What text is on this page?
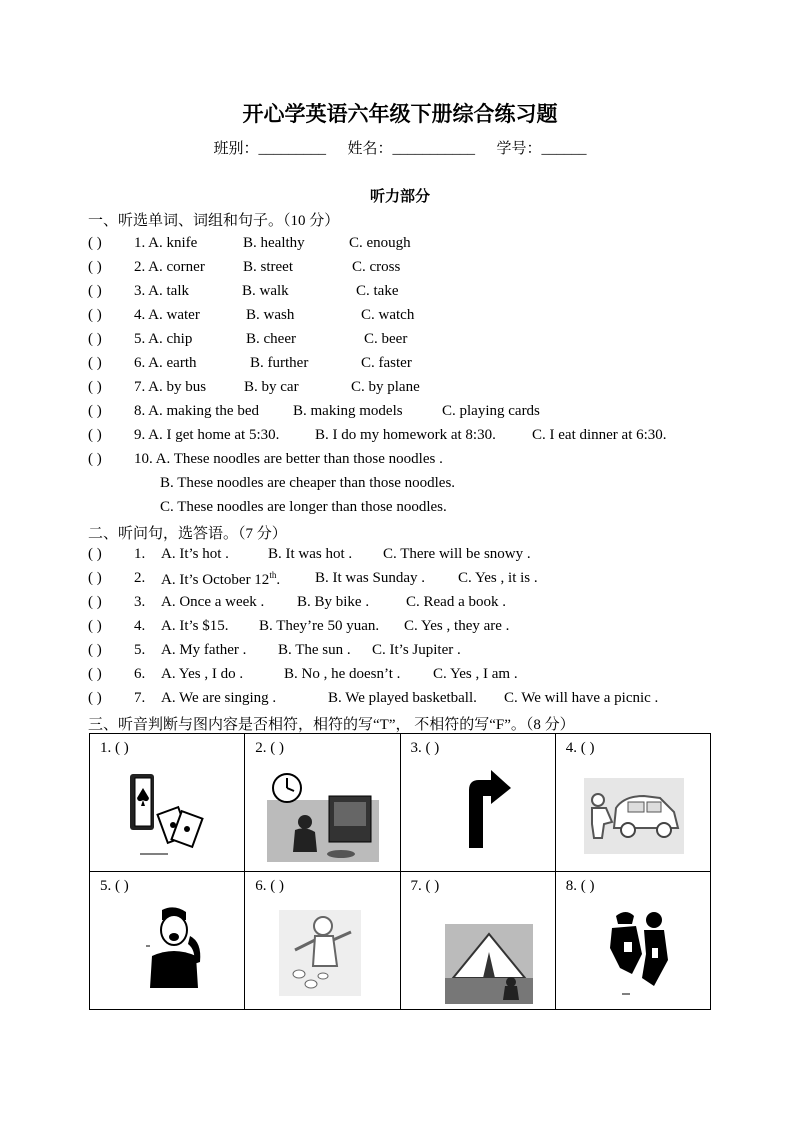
开心学英语六年级下册综合练习题
班别：_________ 姓名：___________ 学号：______
听力部分
一、听选单词、词组和句子。（10 分）
( ) 1. A. knife	B. healthy	C. enough
( ) 2. A. corner	B. street	C. cross
( ) 3. A. talk	B. walk	C. take
( ) 4. A. water	B. wash	C. watch
( ) 5. A. chip	B. cheer	C. beer
( ) 6. A. earth	B. further	C. faster
( ) 7. A. by bus	B. by car	C. by plane
( ) 8. A. making the bed B. making models	C. playing cards
( ) 9. A. I get home at 5:30. B. I do my homework at 8:30. C. I eat dinner at 6:30.
( ) 10. A. These noodles are better than those noodles .
B. These noodles are cheaper than those noodles.
C. These noodles are longer than those noodles.
二、听问句，选答语。（7 分）
( ) 1. A. It’s hot .	B. It was hot . C. There will be snowy .
( ) 2. A. It’s October 12th. B. It was Sunday . C. Yes , it is .
( ) 3. A. Once a week . B. By bike . C. Read a book .
( ) 4. A. It’s $15. B. They’re 50 yuan. C. Yes , they are .
( ) 5. A. My father . B. The sun . C. It’s Jupiter .
( ) 6. A. Yes , I do .	B. No , he doesn’t . C. Yes , I am .
( ) 7. A. We are singing .	B. We played basketball. C. We will have a picnic .
三、听音判断与图内容是否相符，相符的写“T”， 不相符的写“F”。（8 分）
1. ( )	2. ( )	3. ( )	4. ( )

5. ( )	6. ( )	7. ( )	8. ( )
